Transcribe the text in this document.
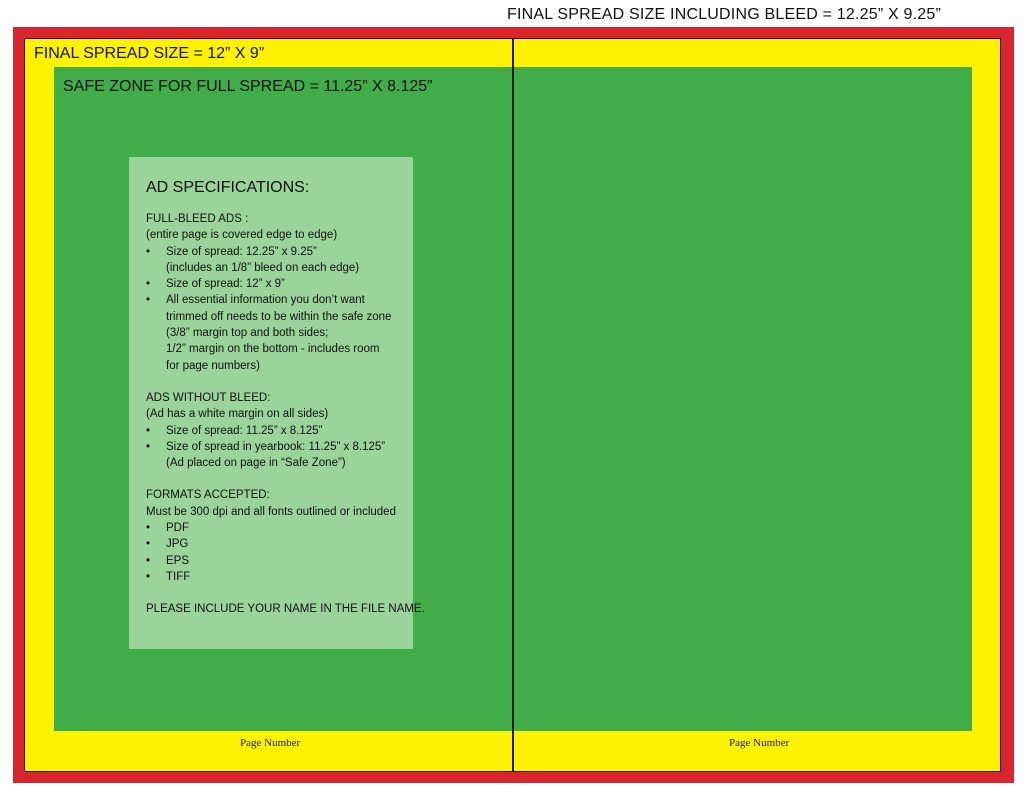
FINAL SPREAD SIZE INCLUDING BLEED = 12.25” X 9.25”
FINAL SPREAD SIZE = 12” X 9”
SAFE ZONE FOR FULL SPREAD = 11.25” X 8.125”
AD SPECIFICATIONS:
FULL-BLEED ADS :
(entire page is covered edge to edge)
• Size of spread: 12.25” x 9.25”
(includes an 1/8” bleed on each edge)
• Size of spread: 12” x 9”
• All essential information you don’t want
trimmed off needs to be within the safe zone
(3/8” margin top and both sides;
1/2” margin on the bottom - includes room
for page numbers)
ADS WITHOUT BLEED:
(Ad has a white margin on all sides)
• Size of spread: 11.25” x 8.125”
• Size of spread in yearbook: 11.25” x 8.125”
(Ad placed on page in “Safe Zone”)
FORMATS ACCEPTED:
Must be 300 dpi and all fonts outlined or included
• PDF
• JPG
• EPS
• TIFF
PLEASE INCLUDE YOUR NAME IN THE FILE NAME.
Page Number	Page Number
